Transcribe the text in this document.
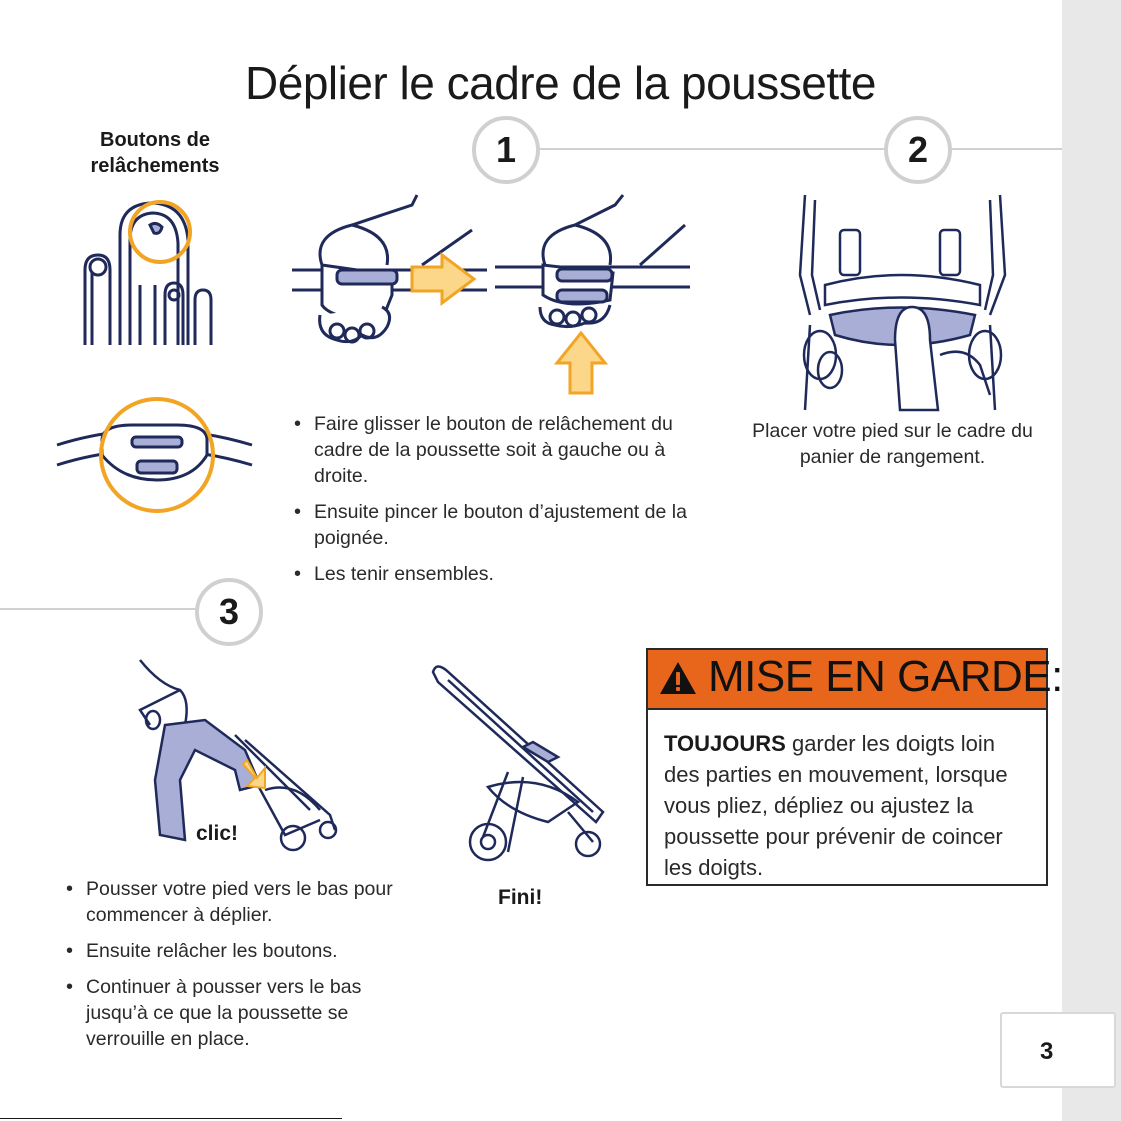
3
Déplier le cadre de la poussette
1	2
3
Boutons de relâchements
• Faire glisser le bouton de relâchement du cadre de la poussette soit à gauche ou à droite.
• Ensuite pincer le bouton d’ajustement de la poignée.
• Les tenir ensembles.
Placer votre pied sur le cadre du panier de rangement.
clic!
• Pousser votre pied vers le bas pour commencer à déplier.
• Ensuite relâcher les boutons.
• Continuer à pousser vers le bas jusqu’à ce que la poussette se verrouille en place.
Fini!
MISE EN GARDE:
TOUJOURS garder les doigts loin des parties en mouvement, lorsque vous pliez, dépliez ou ajustez la poussette pour prévenir de coincer les doigts.
